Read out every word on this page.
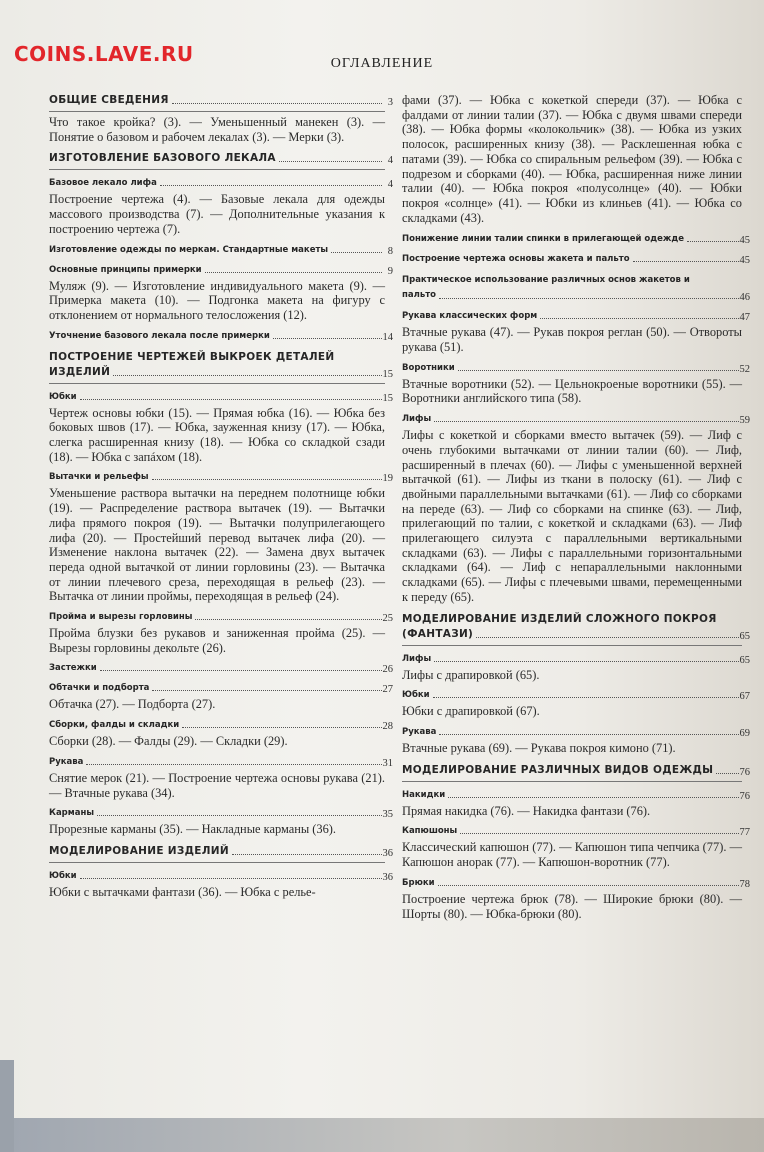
COINS.LAVE.RU	ОГЛАВЛЕНИЕ
ОБЩИЕ СВЕДЕНИЯ	3
Что такое кройка? (3). — Уменьшенный манекен (3). — Понятие о базовом и рабочем лекалах (3). — Мерки (3).
ИЗГОТОВЛЕНИЕ БАЗОВОГО ЛЕКАЛА	4
Базовое лекало лифа	4
Построение чертежа (4). — Базовые лекала для одежды массового производства (7). — Дополнительные указания к построению чертежа (7).
Изготовление одежды по меркам. Стандартные макеты	8
Основные принципы примерки	9
Муляж (9). — Изготовление индивидуального макета (9). — Примерка макета (10). — Подгонка макета на фигуру с отклонением от нормального телосложения (12).
Уточнение базового лекала после примерки	14
ПОСТРОЕНИЕ ЧЕРТЕЖЕЙ ВЫКРОЕК ДЕТАЛЕЙ
ИЗДЕЛИЙ	15
Юбки	15
Чертеж основы юбки (15). — Прямая юбка (16). — Юбка без боковых швов (17). — Юбка, зауженная книзу (17). — Юбка, слегка расширенная книзу (18). — Юбка со складкой сзади (18). — Юбка с запáхом (18).
Вытачки и рельефы	19
Уменьшение раствора вытачки на переднем полотнище юбки (19). — Распределение раствора вытачек (19). — Вытачки лифа прямого покроя (19). — Вытачки полуприлегающего лифа (20). — Простейший перевод вытачек лифа (20). — Изменение наклона вытачек (22). — Замена двух вытачек переда одной вытачкой от линии горловины (23). — Вытачка от линии плечевого среза, переходящая в рельеф (23). — Вытачка от линии проймы, переходящая в рельеф (24).
Пройма и вырезы горловины	25
Пройма блузки без рукавов и заниженная пройма (25). — Вырезы горловины декольте (26).
Застежки	26
Обтачки и подборта	27
Обтачка (27). — Подборта (27).
Сборки, фалды и складки	28
Сборки (28). — Фалды (29). — Складки (29).
Рукава	31
Снятие мерок (21). — Построение чертежа основы рукава (21). — Втачные рукава (34).
Карманы	35
Прорезные карманы (35). — Накладные карманы (36).
МОДЕЛИРОВАНИЕ ИЗДЕЛИЙ	36
Юбки	36
Юбки с вытачками фантази (36). — Юбка с релье-
фами (37). — Юбка с кокеткой спереди (37). — Юбка с фалдами от линии талии (37). — Юбка с двумя швами спереди (38). — Юбка формы «колокольчик» (38). — Юбка из узких полосок, расширенных книзу (38). — Расклешенная юбка с патами (39). — Юбка со спиральным рельефом (39). — Юбка с подрезом и сборками (40). — Юбка, расширенная ниже линии талии (40). — Юбка покроя «полусолнце» (40). — Юбки покроя «солнце» (41). — Юбки из клиньев (41). — Юбка со складками (43).
Понижение линии талии спинки в прилегающей одежде	45
Построение чертежа основы жакета и пальто	45
Практическое использование различных основ жакетов и
пальто	46
Рукава классических форм	47
Втачные рукава (47). — Рукав покроя реглан (50). — Отвороты рукава (51).
Воротники	52
Втачные воротники (52). — Цельнокроеные воротники (55). — Воротники английского типа (58).
Лифы	59
Лифы с кокеткой и сборками вместо вытачек (59). — Лиф с очень глубокими вытачками от линии талии (60). — Лиф, расширенный в плечах (60). — Лифы с уменьшенной верхней вытачкой (61). — Лифы из ткани в полоску (61). — Лиф с двойными параллельными вытачками (61). — Лиф со сборками на переде (63). — Лиф со сборками на спинке (63). — Лиф, прилегающий по талии, с кокеткой и складками (63). — Лиф прилегающего силуэта с параллельными вертикальными складками (63). — Лифы с параллельными горизонтальными складками (64). — Лиф с непараллельными наклонными складками (65). — Лифы с плечевыми швами, перемещенными к переду (65).
МОДЕЛИРОВАНИЕ ИЗДЕЛИЙ СЛОЖНОГО ПОКРОЯ
(ФАНТАЗИ)	65
Лифы	65
Лифы с драпировкой (65).
Юбки	67
Юбки с драпировкой (67).
Рукава	69
Втачные рукава (69). — Рукава покроя кимоно (71).
МОДЕЛИРОВАНИЕ РАЗЛИЧНЫХ ВИДОВ ОДЕЖДЫ	76
Накидки	76
Прямая накидка (76). — Накидка фантази (76).
Капюшоны	77
Классический капюшон (77). — Капюшон типа чепчика (77). — Капюшон анорак (77). — Капюшон-воротник (77).
Брюки	78
Построение чертежа брюк (78). — Широкие брюки (80). — Шорты (80). — Юбка-брюки (80).
